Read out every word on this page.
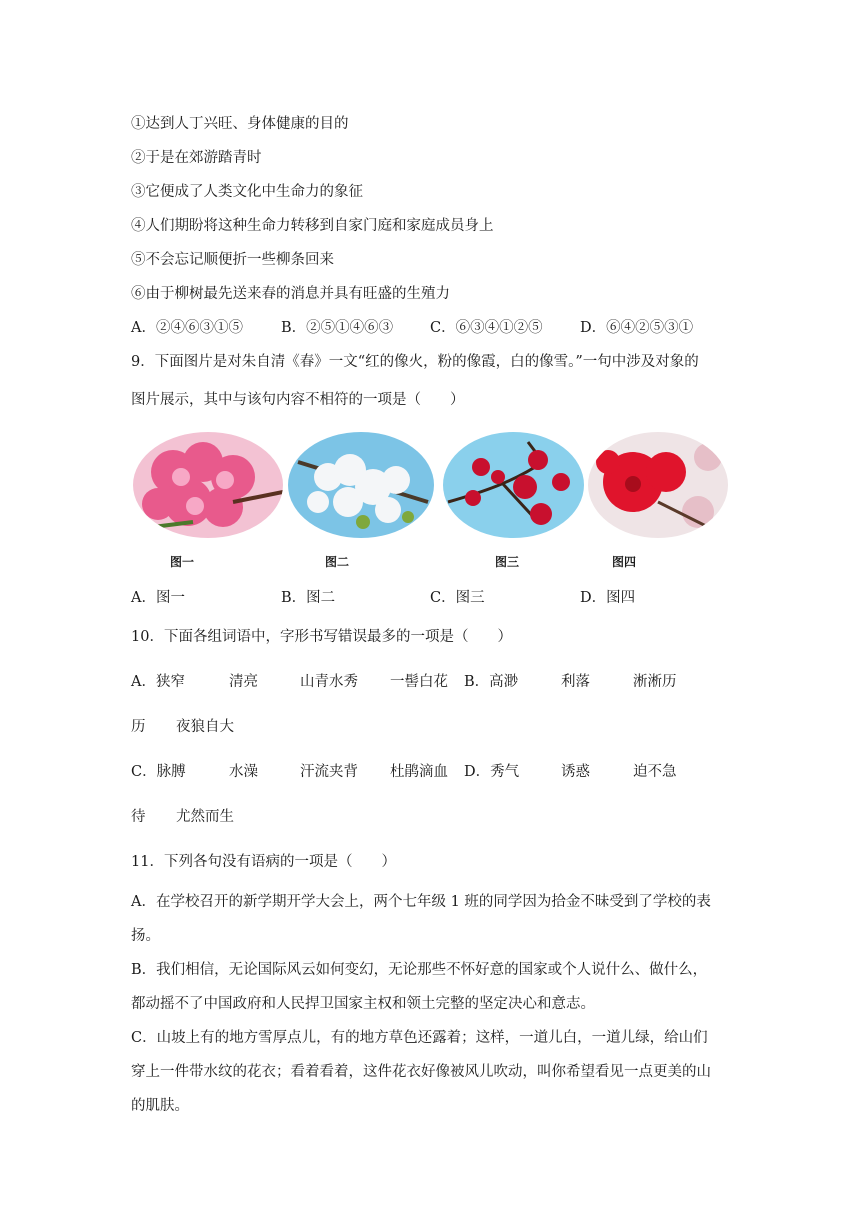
①达到人丁兴旺、身体健康的目的
②于是在郊游踏青时
③它便成了人类文化中生命力的象征
④人们期盼将这种生命力转移到自家门庭和家庭成员身上
⑤不会忘记顺便折一些柳条回来
⑥由于柳树最先送来春的消息并具有旺盛的生殖力
A．②④⑥③①⑤	B．②⑤①④⑥③	C．⑥③④①②⑤	D．⑥④②⑤③①
9．下面图片是对朱自清《春》一文“红的像火，粉的像霞，白的像雪。”一句中涉及对象的
图片展示，其中与该句内容不相符的一项是（　　）
图一	图二	图三	图四
A．图一	B．图二	C．图三	D．图四
10．下面各组词语中，字形书写错误最多的一项是（　　）
A．狭窄	清亮	山青水秀 一髻白花 B．高渺	利落	淅淅历
历 夜狼自大
C．脉膊	水澡	汗流夹背 杜鹃滴血 D．秀气	诱惑	迫不急
待 尤然而生
11．下列各句没有语病的一项是（　　）
A．在学校召开的新学期开学大会上，两个七年级 1 班的同学因为拾金不昧受到了学校的表
扬。
B．我们相信，无论国际风云如何变幻，无论那些不怀好意的国家或个人说什么、做什么，
都动摇不了中国政府和人民捍卫国家主权和领土完整的坚定决心和意志。
C．山坡上有的地方雪厚点儿，有的地方草色还露着；这样，一道儿白，一道儿绿，给山们
穿上一件带水纹的花衣；看着看着，这件花衣好像被风儿吹动，叫你希望看见一点更美的山
的肌肤。
